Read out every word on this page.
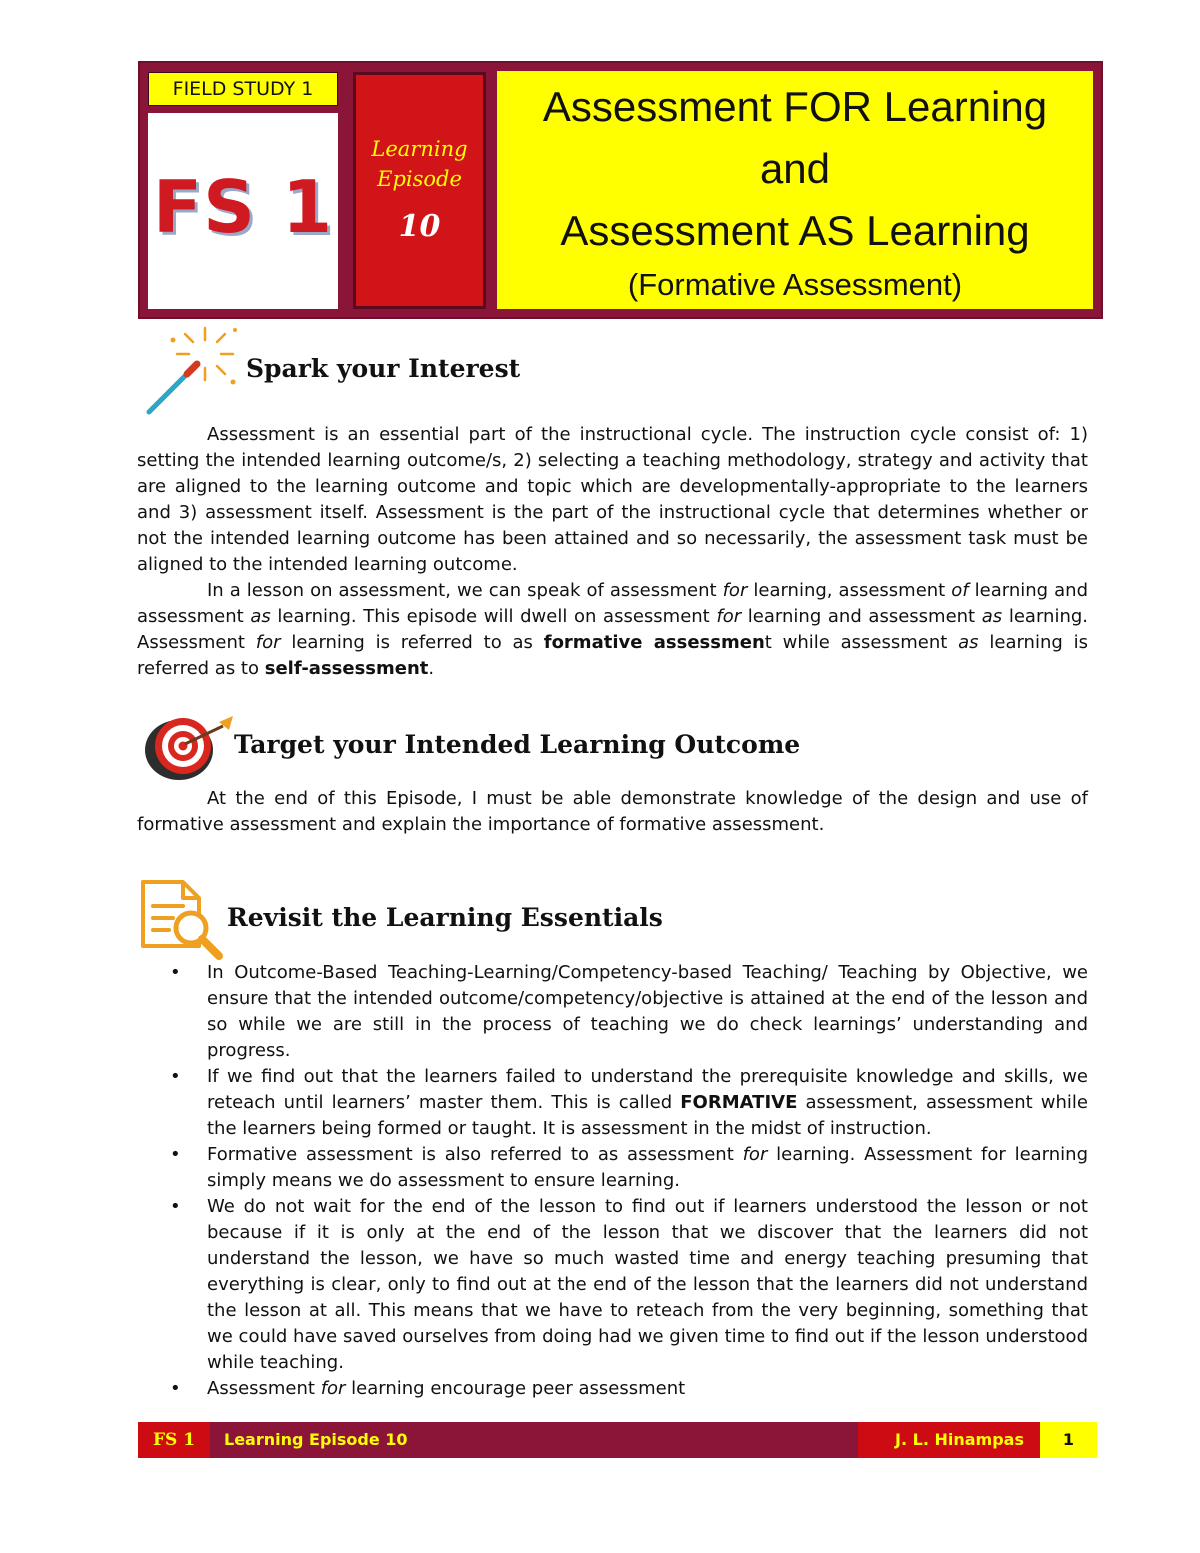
FIELD STUDY 1
FS 1
Learning
Episode
10
Assessment FOR Learning
and
Assessment AS Learning
(Formative Assessment)
Spark your Interest

Assessment is an essential part of the instructional cycle. The instruction cycle consist of: 1) setting the intended learning outcome/s, 2) selecting a teaching methodology, strategy and activity that are aligned to the learning outcome and topic which are developmentally-appropriate to the learners and 3) assessment itself. Assessment is the part of the instructional cycle that determines whether or not the intended learning outcome has been attained and so necessarily, the assessment task must be aligned to the intended learning outcome.

In a lesson on assessment, we can speak of assessment for learning, assessment of learning and assessment as learning. This episode will dwell on assessment for learning and assessment as learning. Assessment for learning is referred to as formative assessment while assessment as learning is referred as to self-assessment.

Target your Intended Learning Outcome

At the end of this Episode, I must be able demonstrate knowledge of the design and use of formative assessment and explain the importance of formative assessment.

Revisit the Learning Essentials
• In Outcome-Based Teaching-Learning/Competency-based Teaching/ Teaching by Objective, we ensure that the intended outcome/competency/objective is attained at the end of the lesson and so while we are still in the process of teaching we do check learnings’ understanding and progress.
• If we find out that the learners failed to understand the prerequisite knowledge and skills, we reteach until learners’ master them. This is called FORMATIVE assessment, assessment while the learners being formed or taught. It is assessment in the midst of instruction.
• Formative assessment is also referred to as assessment for learning. Assessment for learning simply means we do assessment to ensure learning.
• We do not wait for the end of the lesson to find out if learners understood the lesson or not because if it is only at the end of the lesson that we discover that the learners did not understand the lesson, we have so much wasted time and energy teaching presuming that everything is clear, only to find out at the end of the lesson that the learners did not understand the lesson at all. This means that we have to reteach from the very beginning, something that we could have saved ourselves from doing had we given time to find out if the lesson understood while teaching.
• Assessment for learning encourage peer assessment
FS 1	Learning Episode 10	J. L. Hinampas	1
